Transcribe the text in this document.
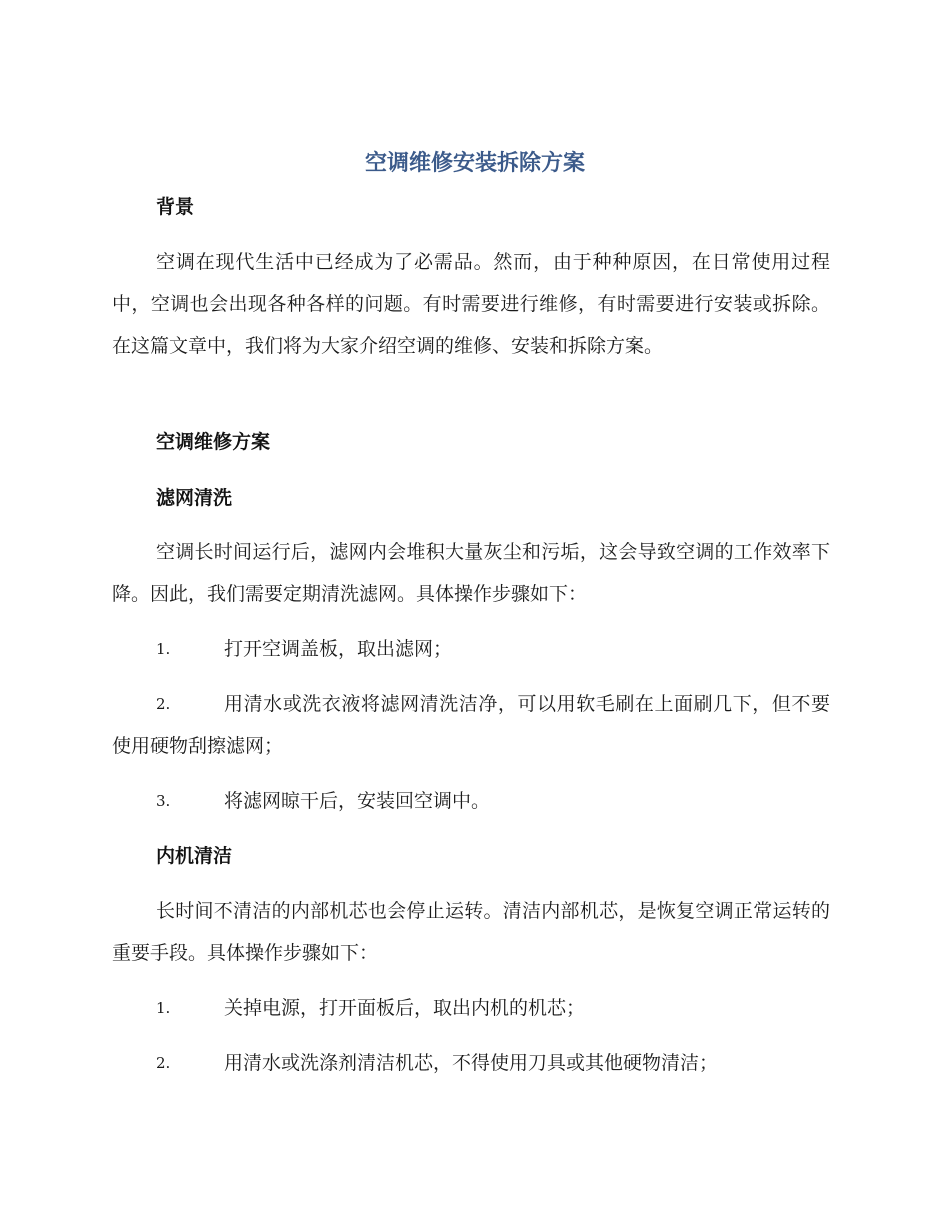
空调维修安装拆除方案
背景

空调在现代生活中已经成为了必需品。然而，由于种种原因，在日常使用过程中，空调也会出现各种各样的问题。有时需要进行维修，有时需要进行安装或拆除。在这篇文章中，我们将为大家介绍空调的维修、安装和拆除方案。

空调维修方案
滤网清洗

空调长时间运行后，滤网内会堆积大量灰尘和污垢，这会导致空调的工作效率下降。因此，我们需要定期清洗滤网。具体操作步骤如下：

1.	打开空调盖板，取出滤网；
2.	用清水或洗衣液将滤网清洗洁净，可以用软毛刷在上面刷几下，但不要使用硬物刮擦滤网；
3.	将滤网晾干后，安装回空调中。
内机清洁

长时间不清洁的内部机芯也会停止运转。清洁内部机芯，是恢复空调正常运转的重要手段。具体操作步骤如下：

1.	关掉电源，打开面板后，取出内机的机芯；
2.	用清水或洗涤剂清洁机芯，不得使用刀具或其他硬物清洁；
